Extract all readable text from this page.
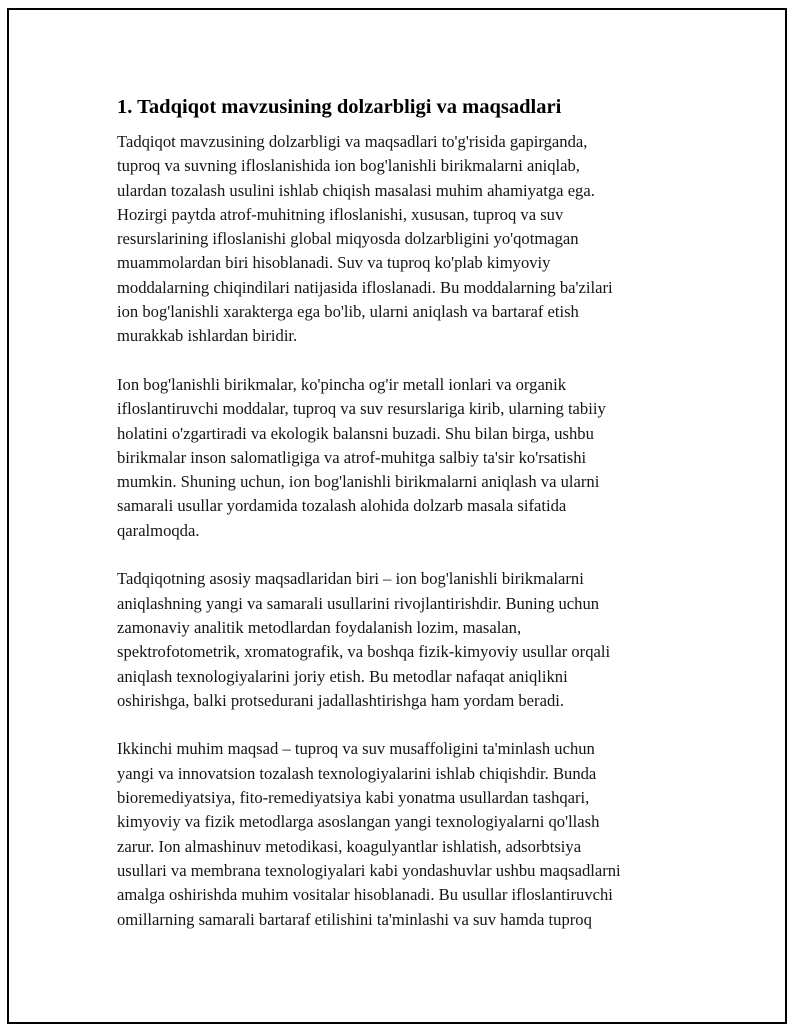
1. Tadqiqot mavzusining dolzarbligi va maqsadlari

Tadqiqot mavzusining dolzarbligi va maqsadlari to'g'risida gapirganda,
tuproq va suvning ifloslanishida ion bog'lanishli birikmalarni aniqlab,
ulardan tozalash usulini ishlab chiqish masalasi muhim ahamiyatga ega.
Hozirgi paytda atrof-muhitning ifloslanishi, xususan, tuproq va suv
resurslarining ifloslanishi global miqyosda dolzarbligini yo'qotmagan
muammolardan biri hisoblanadi. Suv va tuproq ko'plab kimyoviy
moddalarning chiqindilari natijasida ifloslanadi. Bu moddalarning ba'zilari
ion bog'lanishli xarakterga ega bo'lib, ularni aniqlash va bartaraf etish
murakkab ishlardan biridir.

Ion bog'lanishli birikmalar, ko'pincha og'ir metall ionlari va organik
ifloslantiruvchi moddalar, tuproq va suv resurslariga kirib, ularning tabiiy
holatini o'zgartiradi va ekologik balansni buzadi. Shu bilan birga, ushbu
birikmalar inson salomatligiga va atrof-muhitga salbiy ta'sir ko'rsatishi
mumkin. Shuning uchun, ion bog'lanishli birikmalarni aniqlash va ularni
samarali usullar yordamida tozalash alohida dolzarb masala sifatida
qaralmoqda.

Tadqiqotning asosiy maqsadlaridan biri – ion bog'lanishli birikmalarni
aniqlashning yangi va samarali usullarini rivojlantirishdir. Buning uchun
zamonaviy analitik metodlardan foydalanish lozim, masalan,
spektrofotometrik, xromatografik, va boshqa fizik-kimyoviy usullar orqali
aniqlash texnologiyalarini joriy etish. Bu metodlar nafaqat aniqlikni
oshirishga, balki protsedurani jadallashtirishga ham yordam beradi.

Ikkinchi muhim maqsad – tuproq va suv musaffoligini ta'minlash uchun
yangi va innovatsion tozalash texnologiyalarini ishlab chiqishdir. Bunda
bioremediyatsiya, fito-remediyatsiya kabi yonatma usullardan tashqari,
kimyoviy va fizik metodlarga asoslangan yangi texnologiyalarni qo'llash
zarur. Ion almashinuv metodikasi, koagulyantlar ishlatish, adsorbtsiya
usullari va membrana texnologiyalari kabi yondashuvlar ushbu maqsadlarni
amalga oshirishda muhim vositalar hisoblanadi. Bu usullar ifloslantiruvchi
omillarning samarali bartaraf etilishini ta'minlashi va suv hamda tuproq
